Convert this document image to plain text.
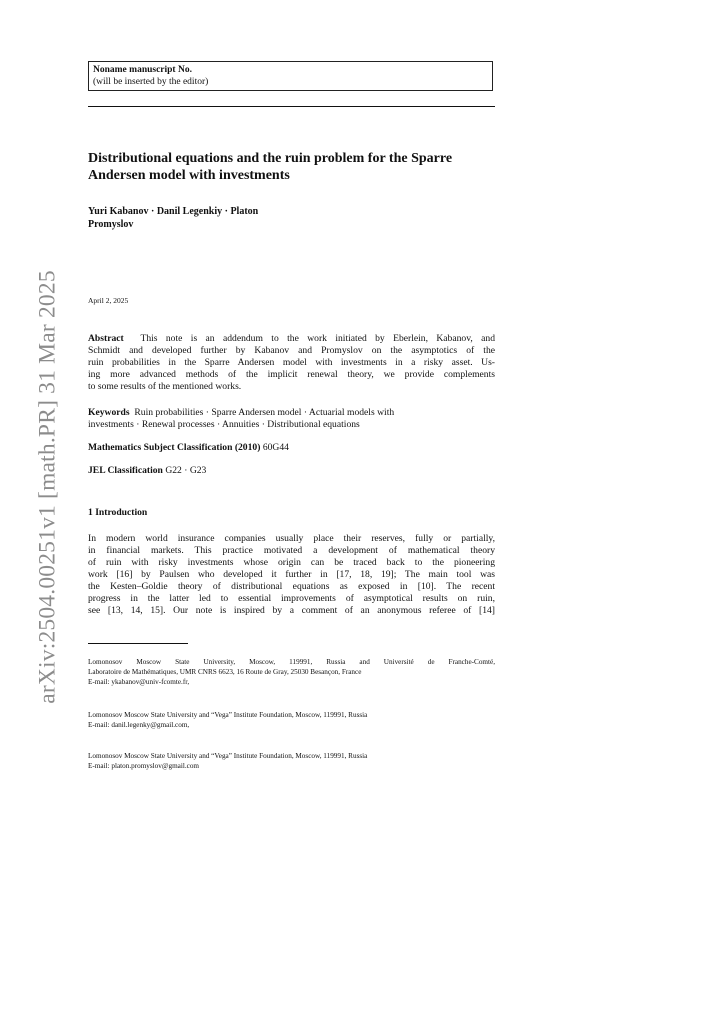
arXiv:2504.00251v1 [math.PR] 31 Mar 2025
Noname manuscript No.
(will be inserted by the editor)
Distributional equations and the ruin problem for the Sparre Andersen model with investments
Yuri Kabanov · Danil Legenkiy · Platon
Promyslov
April 2, 2025
Abstract This note is an addendum to the work initiated by Eberlein, Kabanov, and
Schmidt and developed further by Kabanov and Promyslov on the asymptotics of the
ruin probabilities in the Sparre Andersen model with investments in a risky asset. Us-
ing more advanced methods of the implicit renewal theory, we provide complements
to some results of the mentioned works.
Keywords Ruin probabilities · Sparre Andersen model · Actuarial models with
investments · Renewal processes · Annuities · Distributional equations
Mathematics Subject Classification (2010) 60G44
JEL Classification G22 · G23
1 Introduction
In modern world insurance companies usually place their reserves, fully or partially,
in financial markets. This practice motivated a development of mathematical theory
of ruin with risky investments whose origin can be traced back to the pioneering
work [16] by Paulsen who developed it further in [17, 18, 19]; The main tool was
the Kesten–Goldie theory of distributional equations as exposed in [10]. The recent
progress in the latter led to essential improvements of asymptotical results on ruin,
see [13, 14, 15]. Our note is inspired by a comment of an anonymous referee of [14]
Lomonosov Moscow State University, Moscow, 119991, Russia and Université de Franche-Comté,
Laboratoire de Mathématiques, UMR CNRS 6623, 16 Route de Gray, 25030 Besançon, France
E-mail: ykabanov@univ-fcomte.fr,
Lomonosov Moscow State University and “Vega” Institute Foundation, Moscow, 119991, Russia
E-mail: danil.legenky@gmail.com,
Lomonosov Moscow State University and “Vega” Institute Foundation, Moscow, 119991, Russia
E-mail: platon.promyslov@gmail.com
